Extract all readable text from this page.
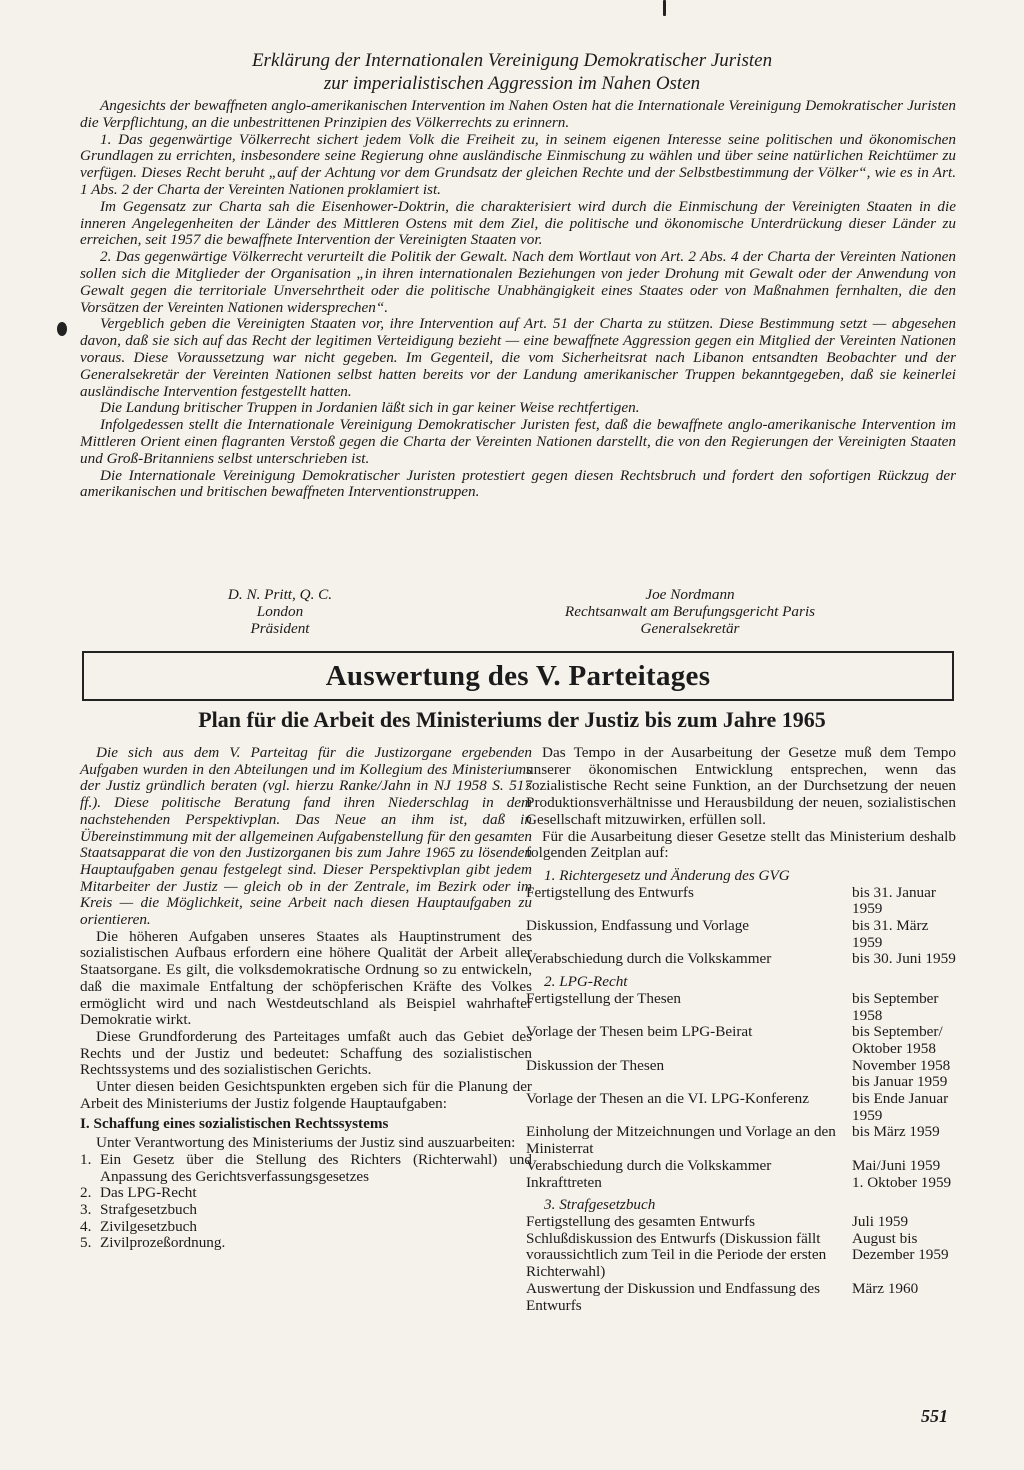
Erklärung der Internationalen Vereinigung Demokratischer Juristen
zur imperialistischen Aggression im Nahen Osten

Angesichts der bewaffneten anglo-amerikanischen Intervention im Nahen Osten hat die Internationale Vereinigung Demokratischer Juristen die Verpflichtung, an die unbestrittenen Prinzipien des Völkerrechts zu erinnern.

1. Das gegenwärtige Völkerrecht sichert jedem Volk die Freiheit zu, in seinem eigenen Interesse seine politischen und ökonomischen Grundlagen zu errichten, insbesondere seine Regierung ohne ausländische Einmischung zu wählen und über seine natürlichen Reichtümer zu verfügen. Dieses Recht beruht „auf der Achtung vor dem Grundsatz der gleichen Rechte und der Selbstbestimmung der Völker“, wie es in Art. 1 Abs. 2 der Charta der Vereinten Nationen proklamiert ist.

Im Gegensatz zur Charta sah die Eisenhower-Doktrin, die charakterisiert wird durch die Einmischung der Vereinigten Staaten in die inneren Angelegenheiten der Länder des Mittleren Ostens mit dem Ziel, die politische und ökonomische Unterdrückung dieser Länder zu erreichen, seit 1957 die bewaffnete Intervention der Vereinigten Staaten vor.

2. Das gegenwärtige Völkerrecht verurteilt die Politik der Gewalt. Nach dem Wortlaut von Art. 2 Abs. 4 der Charta der Vereinten Nationen sollen sich die Mitglieder der Organisation „in ihren internationalen Beziehungen von jeder Drohung mit Gewalt oder der Anwendung von Gewalt gegen die territoriale Unversehrtheit oder die politische Unabhängigkeit eines Staates oder von Maßnahmen fernhalten, die den Vorsätzen der Vereinten Nationen widersprechen“.

Vergeblich geben die Vereinigten Staaten vor, ihre Intervention auf Art. 51 der Charta zu stützen. Diese Bestimmung setzt — abgesehen davon, daß sie sich auf das Recht der legitimen Verteidigung bezieht — eine bewaffnete Aggression gegen ein Mitglied der Vereinten Nationen voraus. Diese Voraussetzung war nicht gegeben. Im Gegenteil, die vom Sicherheitsrat nach Libanon entsandten Beobachter und der Generalsekretär der Vereinten Nationen selbst hatten bereits vor der Landung amerikanischer Truppen bekanntgegeben, daß sie keinerlei ausländische Intervention festgestellt hatten.

Die Landung britischer Truppen in Jordanien läßt sich in gar keiner Weise rechtfertigen.

Infolgedessen stellt die Internationale Vereinigung Demokratischer Juristen fest, daß die bewaffnete anglo-amerikanische Intervention im Mittleren Orient einen flagranten Verstoß gegen die Charta der Vereinten Nationen darstellt, die von den Regierungen der Vereinigten Staaten und Groß-Britanniens selbst unterschrieben ist.

Die Internationale Vereinigung Demokratischer Juristen protestiert gegen diesen Rechtsbruch und fordert den sofortigen Rückzug der amerikanischen und britischen bewaffneten Interventionstruppen.

D. N. Pritt, Q. C.
London
Präsident
Joe Nordmann
Rechtsanwalt am Berufungsgericht Paris
Generalsekretär
Auswertung des V. Parteitages
Plan für die Arbeit des Ministeriums der Justiz bis zum Jahre 1965

Die sich aus dem V. Parteitag für die Justizorgane ergebenden Aufgaben wurden in den Abteilungen und im Kollegium des Ministeriums der Justiz gründlich beraten (vgl. hierzu Ranke/Jahn in NJ 1958 S. 517 ff.). Diese politische Beratung fand ihren Niederschlag in dem nachstehenden Perspektivplan. Das Neue an ihm ist, daß in Übereinstimmung mit der allgemeinen Aufgabenstellung für den gesamten Staatsapparat die von den Justizorganen bis zum Jahre 1965 zu lösenden Hauptaufgaben genau festgelegt sind. Dieser Perspektivplan gibt jedem Mitarbeiter der Justiz — gleich ob in der Zentrale, im Bezirk oder im Kreis — die Möglichkeit, seine Arbeit nach diesen Hauptaufgaben zu orientieren.

Die höheren Aufgaben unseres Staates als Hauptinstrument des sozialistischen Aufbaus erfordern eine höhere Qualität der Arbeit aller Staatsorgane. Es gilt, die volksdemokratische Ordnung so zu entwickeln, daß die maximale Entfaltung der schöpferischen Kräfte des Volkes ermöglicht wird und nach Westdeutschland als Beispiel wahrhafter Demokratie wirkt.

Diese Grundforderung des Parteitages umfaßt auch das Gebiet des Rechts und der Justiz und bedeutet: Schaffung des sozialistischen Rechtssystems und des sozialistischen Gerichts.

Unter diesen beiden Gesichtspunkten ergeben sich für die Planung der Arbeit des Ministeriums der Justiz folgende Hauptaufgaben:

I. Schaffung eines sozialistischen Rechtssystems

Unter Verantwortung des Ministeriums der Justiz sind auszuarbeiten:

1. Ein Gesetz über die Stellung des Richters (Richterwahl) und Anpassung des Gerichtsverfassungsgesetzes
2. Das LPG-Recht
3. Strafgesetzbuch
4. Zivilgesetzbuch
5. Zivilprozeßordnung.

Das Tempo in der Ausarbeitung der Gesetze muß dem Tempo unserer ökonomischen Entwicklung entsprechen, wenn das sozialistische Recht seine Funktion, an der Durchsetzung der neuen Produktionsverhältnisse und Herausbildung der neuen, sozialistischen Gesellschaft mitzuwirken, erfüllen soll.

Für die Ausarbeitung dieser Gesetze stellt das Ministerium deshalb folgenden Zeitplan auf:

1. Richtergesetz und Änderung des GVG
Fertigstellung des Entwurfs	bis 31. Januar 1959
Diskussion, Endfassung und Vorlage	bis 31. März 1959
Verabschiedung durch die Volkskammer	bis 30. Juni 1959
2. LPG-Recht
Fertigstellung der Thesen	bis September 1958
Vorlage der Thesen beim LPG-Beirat	bis September/ Oktober 1958
Diskussion der Thesen	November 1958 bis Januar 1959
Vorlage der Thesen an die VI. LPG-Konferenz	bis Ende Januar 1959
Einholung der Mitzeichnungen und Vorlage an den Ministerrat	bis März 1959
Verabschiedung durch die Volkskammer	Mai/Juni 1959
Inkrafttreten	1. Oktober 1959
3. Strafgesetzbuch
Fertigstellung des gesamten Entwurfs	Juli 1959
Schlußdiskussion des Entwurfs (Diskussion fällt voraussichtlich zum Teil in die Periode der ersten Richterwahl)	August bis Dezember 1959
Auswertung der Diskussion und Endfassung des Entwurfs	März 1960
551
